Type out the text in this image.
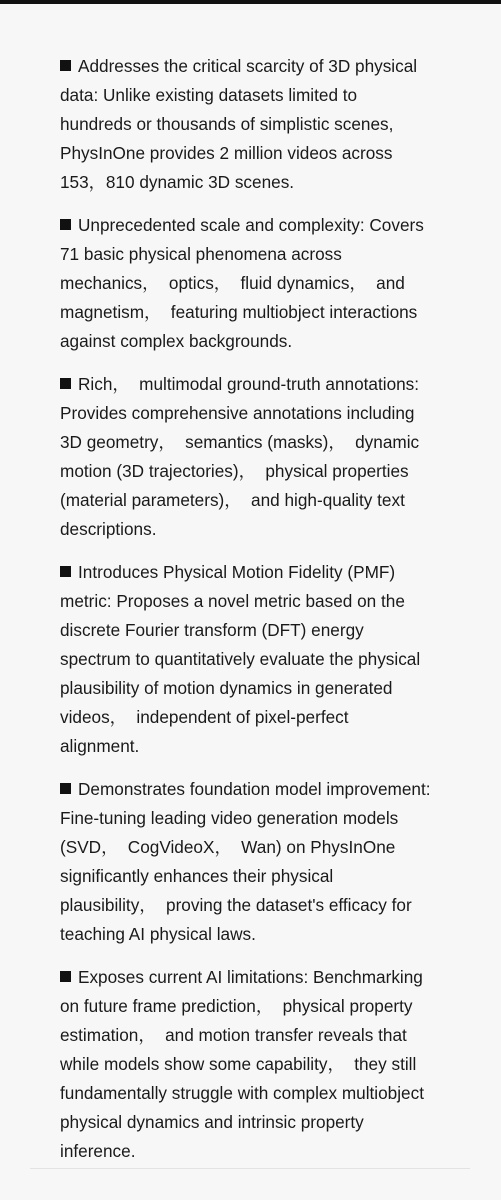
Addresses the critical scarcity of 3D physical
data: Unlike existing datasets limited to
hundreds or thousands of simplistic scenes,
PhysInOne provides 2 million videos across
153，810 dynamic 3D scenes.
Unprecedented scale and complexity: Covers
71 basic physical phenomena across
mechanics，  optics，  fluid dynamics，  and
magnetism，  featuring multiobject interactions
against complex backgrounds.
Rich，  multimodal ground-truth annotations:
Provides comprehensive annotations including
3D geometry，  semantics (masks)，  dynamic
motion (3D trajectories)，  physical properties
(material parameters)，  and high-quality text
descriptions.
Introduces Physical Motion Fidelity (PMF)
metric: Proposes a novel metric based on the
discrete Fourier transform (DFT) energy
spectrum to quantitatively evaluate the physical
plausibility of motion dynamics in generated
videos，  independent of pixel-perfect
alignment.
Demonstrates foundation model improvement:
Fine-tuning leading video generation models
(SVD，  CogVideoX，  Wan) on PhysInOne
significantly enhances their physical
plausibility，  proving the dataset's efficacy for
teaching AI physical laws.
Exposes current AI limitations: Benchmarking
on future frame prediction，  physical property
estimation，  and motion transfer reveals that
while models show some capability，  they still
fundamentally struggle with complex multiobject
physical dynamics and intrinsic property
inference.
